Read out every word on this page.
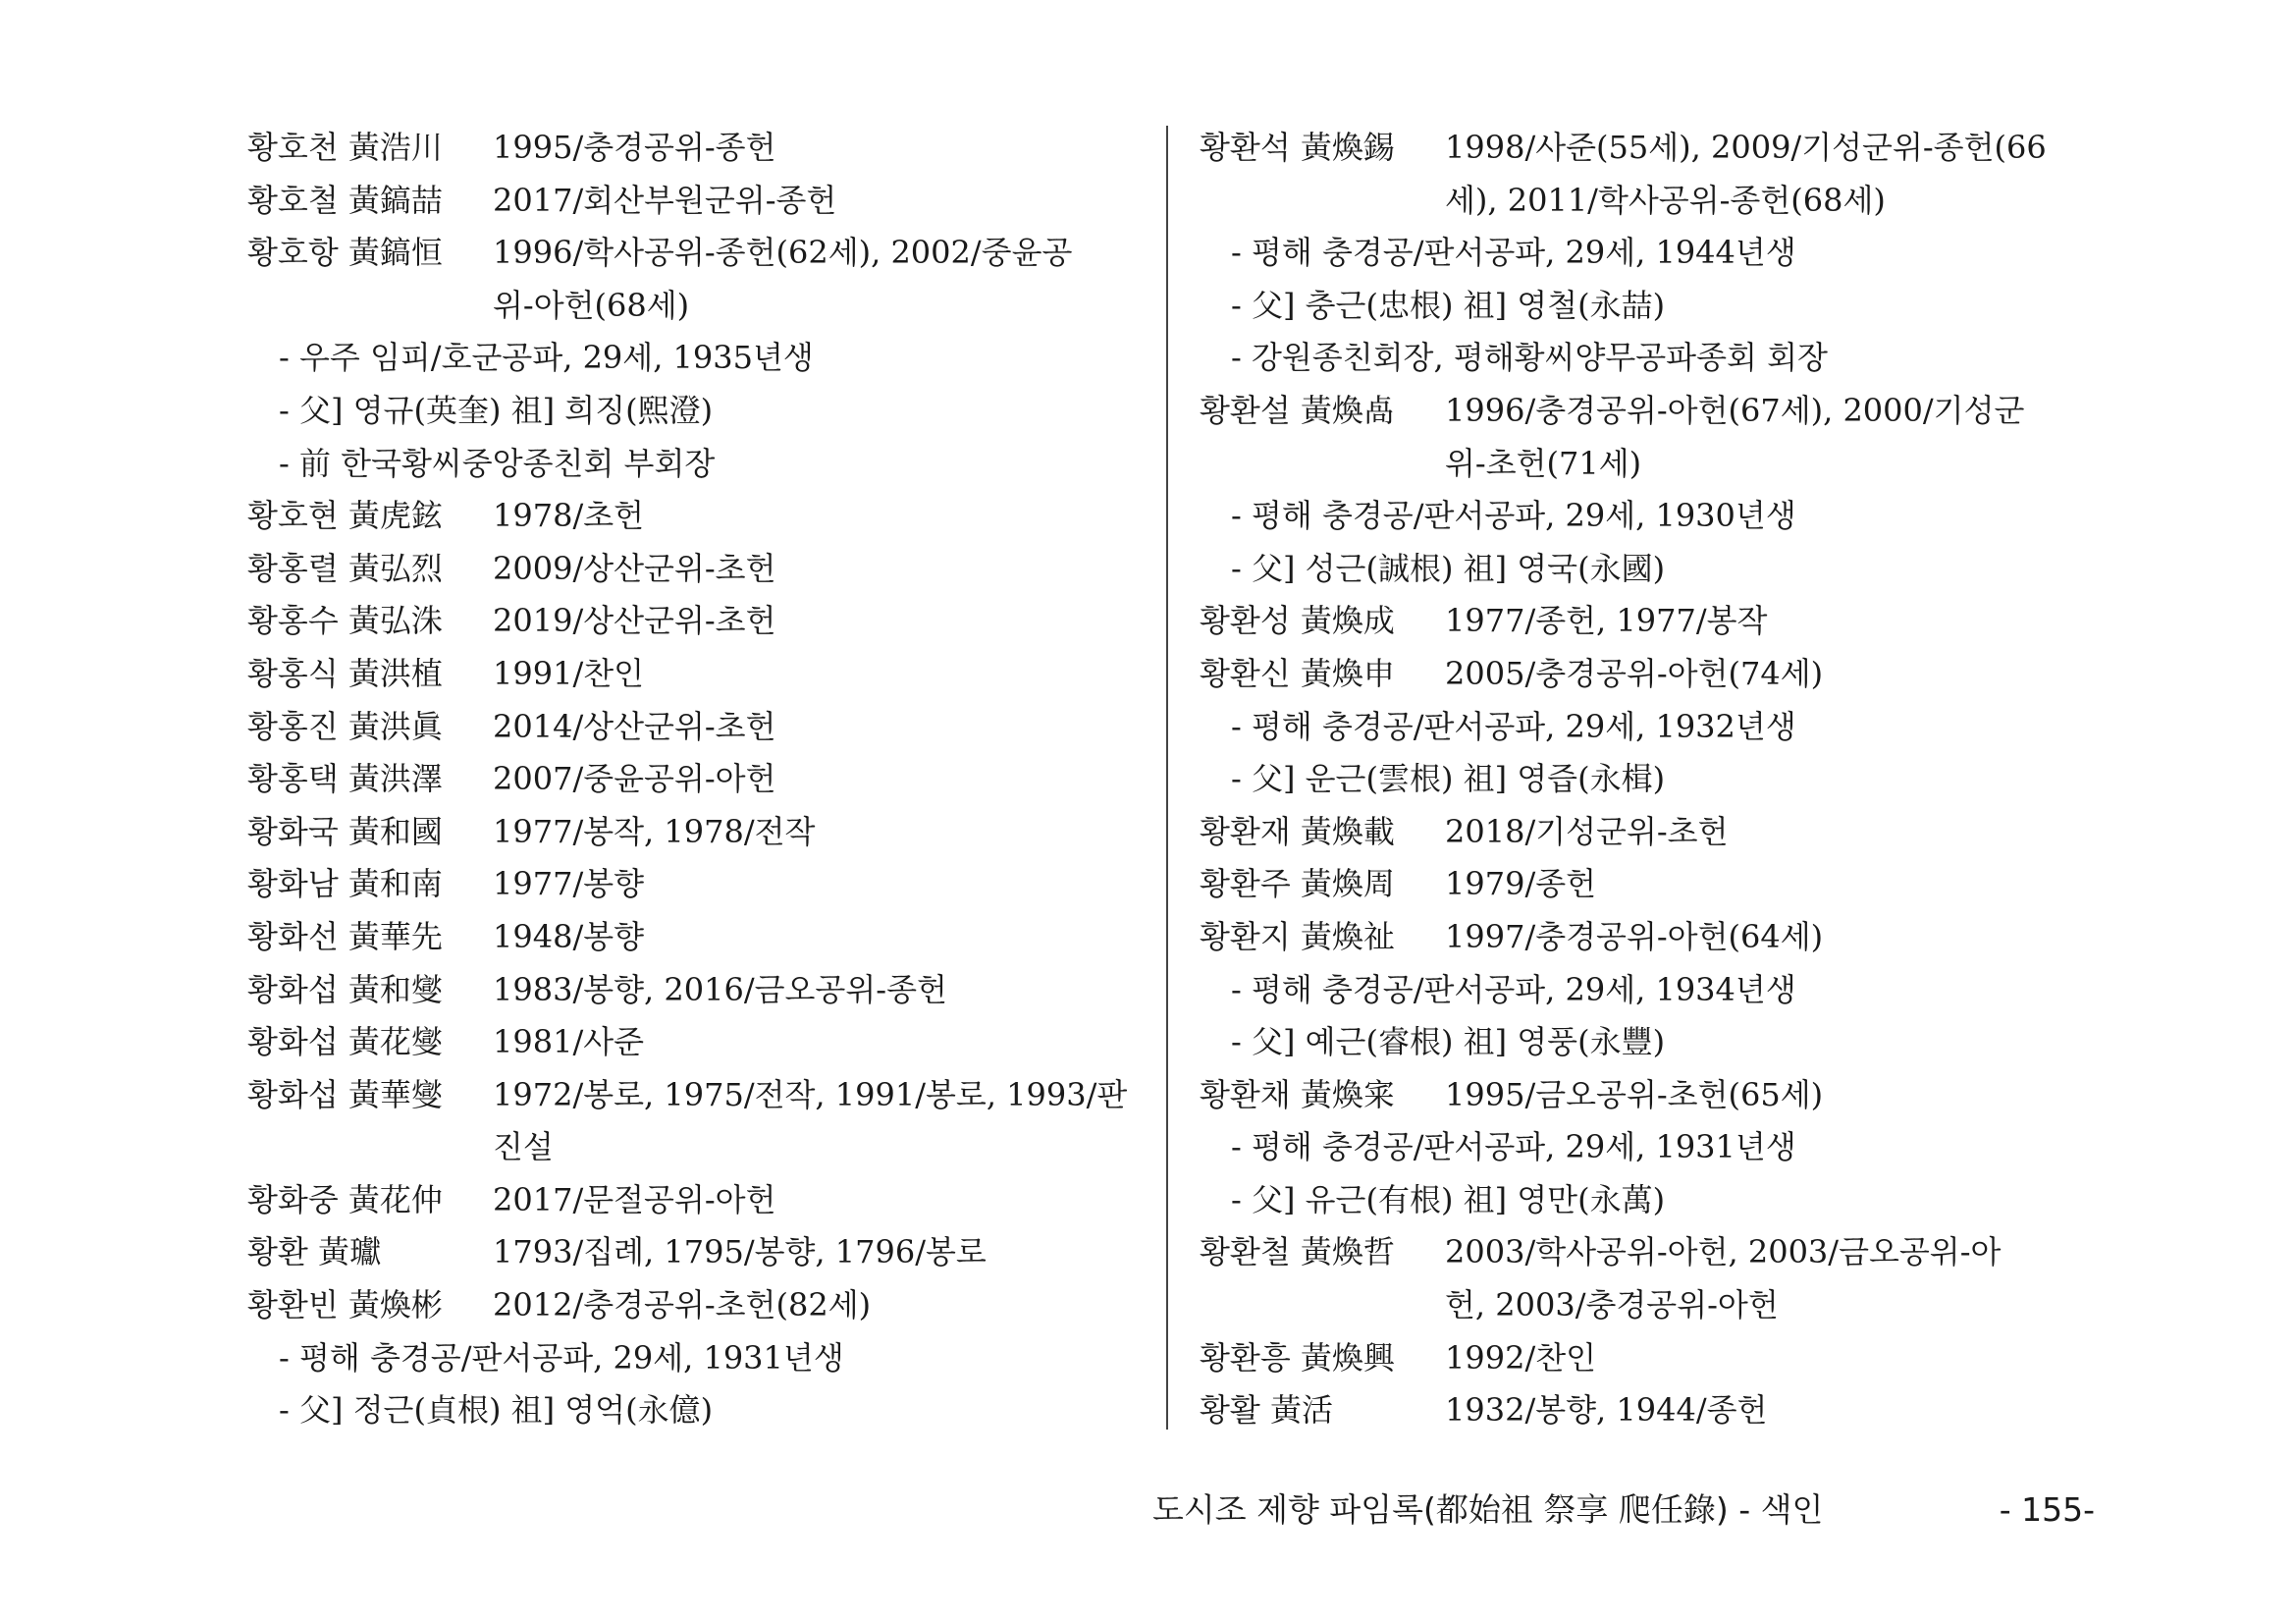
황호천 黃浩川 1995/충경공위-종헌
황호철 黃鎬喆 2017/회산부원군위-종헌
황호항 黃鎬恒 1996/학사공위-종헌(62세), 2002/중윤공
위-아헌(68세)
- 우주 임피/호군공파, 29세, 1935년생
- 父] 영규(英奎) 祖] 희징(熙澄)
- 前 한국황씨중앙종친회 부회장
황호현 黃虎鉉 1978/초헌
황홍렬 黃弘烈 2009/상산군위-초헌
황홍수 黃弘洙 2019/상산군위-초헌
황홍식 黃洪植 1991/찬인
황홍진 黃洪眞 2014/상산군위-초헌
황홍택 黃洪澤 2007/중윤공위-아헌
황화국 黃和國 1977/봉작, 1978/전작
황화남 黃和南 1977/봉향
황화선 黃華先 1948/봉향
황화섭 黃和燮 1983/봉향, 2016/금오공위-종헌
황화섭 黃花燮 1981/사준
황화섭 黃華燮 1972/봉로, 1975/전작, 1991/봉로, 1993/판
진설
황화중 黃花仲 2017/문절공위-아헌
황환 黃瓛	1793/집례, 1795/봉향, 1796/봉로
황환빈 黃煥彬 2012/충경공위-초헌(82세)
- 평해 충경공/판서공파, 29세, 1931년생
- 父] 정근(貞根) 祖] 영억(永億)
황환석 黃煥錫 1998/사준(55세), 2009/기성군위-종헌(66
세), 2011/학사공위-종헌(68세)
- 평해 충경공/판서공파, 29세, 1944년생
- 父] 충근(忠根) 祖] 영철(永喆)
- 강원종친회장, 평해황씨양무공파종회 회장
황환설 黃煥卨 1996/충경공위-아헌(67세), 2000/기성군
위-초헌(71세)
- 평해 충경공/판서공파, 29세, 1930년생
- 父] 성근(誠根) 祖] 영국(永國)
황환성 黃煥成 1977/종헌, 1977/봉작
황환신 黃煥申 2005/충경공위-아헌(74세)
- 평해 충경공/판서공파, 29세, 1932년생
- 父] 운근(雲根) 祖] 영즙(永楫)
황환재 黃煥載 2018/기성군위-초헌
황환주 黃煥周 1979/종헌
황환지 黃煥祉 1997/충경공위-아헌(64세)
- 평해 충경공/판서공파, 29세, 1934년생
- 父] 예근(睿根) 祖] 영풍(永豐)
황환채 黃煥宷 1995/금오공위-초헌(65세)
- 평해 충경공/판서공파, 29세, 1931년생
- 父] 유근(有根) 祖] 영만(永萬)
황환철 黃煥哲 2003/학사공위-아헌, 2003/금오공위-아
헌, 2003/충경공위-아헌
황환흥 黃煥興 1992/찬인
황활 黃活	1932/봉향, 1944/종헌
도시조 제향 파임록(都始祖 祭享 爬任錄) - 색인	- 155-
